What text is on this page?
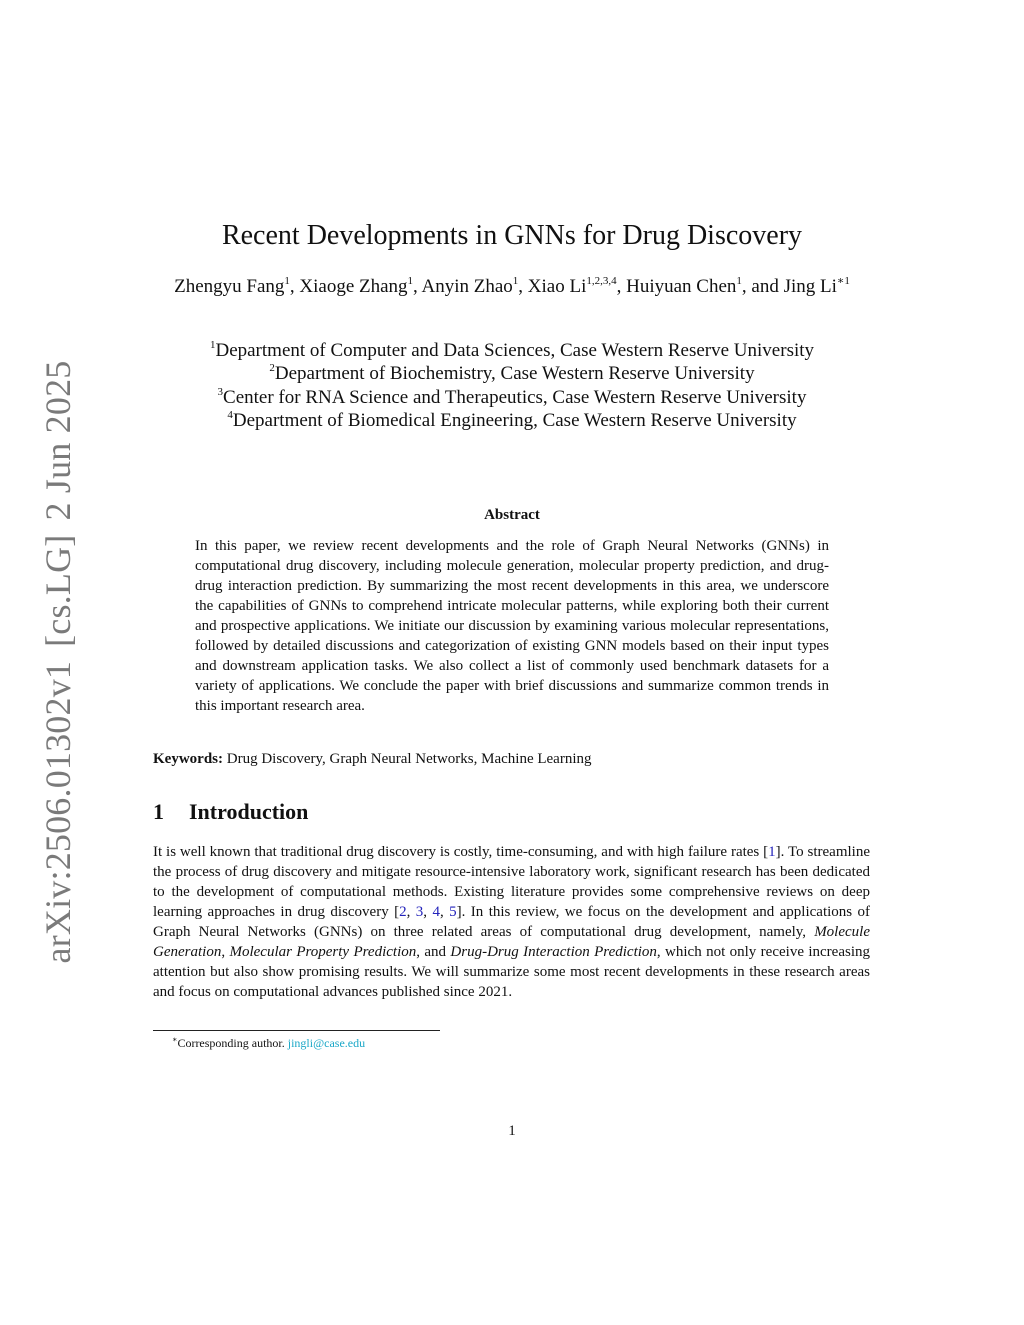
arXiv:2506.01302v1[cs.LG]2 Jun 2025
Recent Developments in GNNs for Drug Discovery
Zhengyu Fang$^1$, Xiaoge Zhang$^1$, Anyin Zhao$^1$, Xiao Li$^{1,2,3,4}$, Huiyuan Chen$^1$, and Jing $Li^{∗1}$
$^1$Department of Computer and Data Sciences, Case Western Reserve University
$^2$Department of Biochemistry, Case Western Reserve University
$^3$Center for RNA Science and Therapeutics, Case Western Reserve University
$^4$Department of Biomedical Engineering, Case Western Reserve University
Abstract
In this paper, we review recent developments and the role of Graph Neural Networks (GNNs) in computational drug discovery, including molecule generation, molecular property prediction, and drug-drug interaction prediction. By summarizing the most recent developments in this area, we underscore the capabilities of GNNs to comprehend intricate molecular patterns, while exploring both their current and prospective applications. We initiate our discussion by examining various molecular representations, followed by detailed discussions and categorization of existing GNN models based on their input types and downstream application tasks. We also collect a list of commonly used benchmark datasets for a variety of applications. We conclude the paper with brief discussions and summarize common trends in this important research area.
Keywords: Drug Discovery, Graph Neural Networks, Machine Learning
1 Introduction
It is well known that traditional drug discovery is costly, time-consuming, and with high failure rates [1]. To streamline the process of drug discovery and mitigate resource-intensive laboratory work, significant research has been dedicated to the development of computational methods. Existing literature provides some comprehensive reviews on deep learning approaches in drug discovery [2, 3, 4, 5]. In this review, we focus on the development and applications of Graph Neural Networks (GNNs) on three related areas of computational drug development, namely, Molecule Generation, Molecular Property Prediction, and Drug-Drug Interaction Prediction, which not only receive increasing attention but also show promising results. We will summarize some most recent developments in these research areas and focus on computational advances published since 2021.
∗Corresponding author. jingli@case.edu
1
